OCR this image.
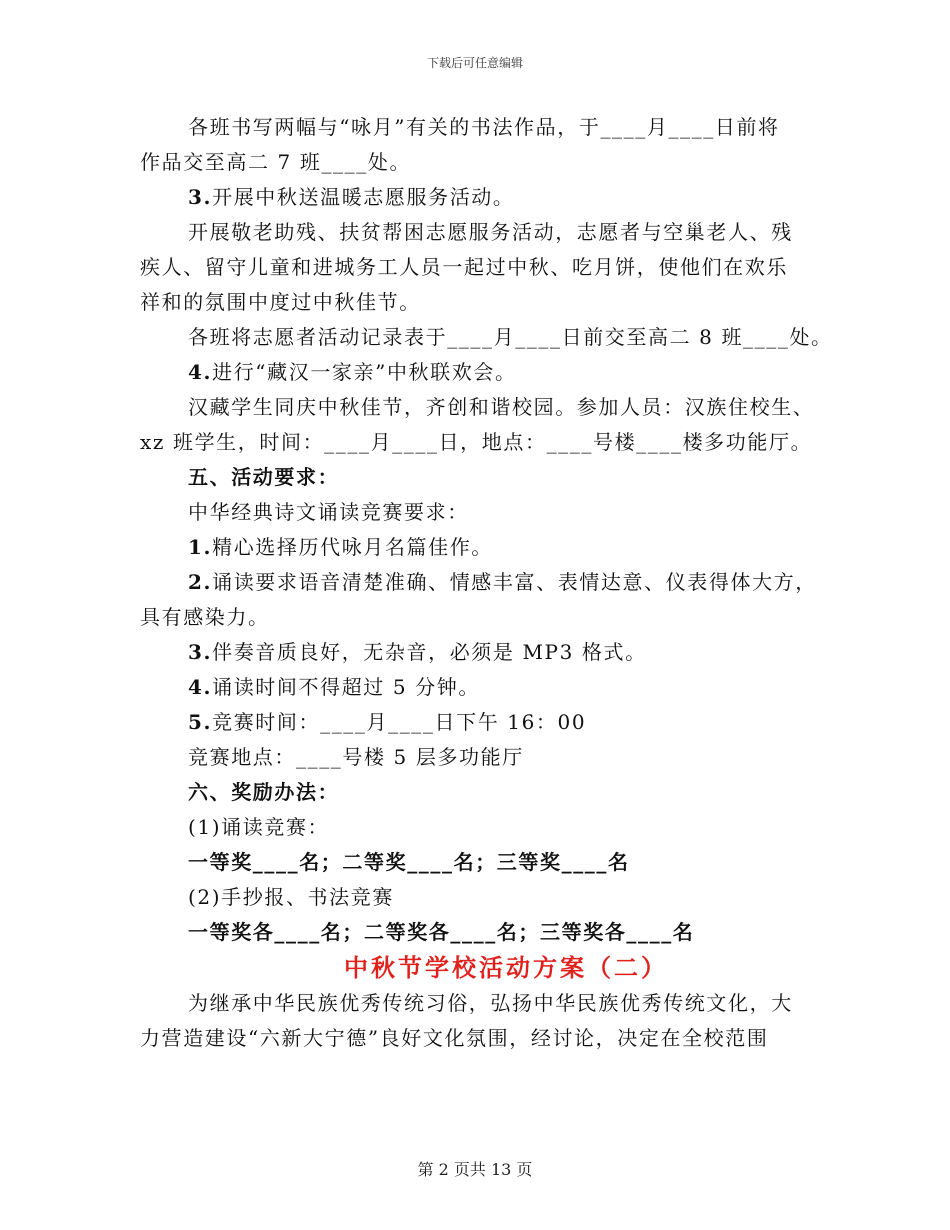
下载后可任意编辑
各班书写两幅与“咏月”有关的书法作品，于____月____日前将
作品交至高二 7 班____处。
3.开展中秋送温暖志愿服务活动。
开展敬老助残、扶贫帮困志愿服务活动，志愿者与空巢老人、残
疾人、留守儿童和进城务工人员一起过中秋、吃月饼，使他们在欢乐
祥和的氛围中度过中秋佳节。
各班将志愿者活动记录表于____月____日前交至高二 8 班____处。
4.进行“藏汉一家亲”中秋联欢会。
汉藏学生同庆中秋佳节，齐创和谐校园。参加人员：汉族住校生、
xz 班学生，时间：____月____日，地点：____号楼____楼多功能厅。
五、活动要求：
中华经典诗文诵读竞赛要求：
1.精心选择历代咏月名篇佳作。
2.诵读要求语音清楚准确、情感丰富、表情达意、仪表得体大方，
具有感染力。
3.伴奏音质良好，无杂音，必须是 MP3 格式。
4.诵读时间不得超过 5 分钟。
5.竞赛时间：____月____日下午 16：00
竞赛地点：____号楼 5 层多功能厅
六、奖励办法：
(1)诵读竞赛：
一等奖____名；二等奖____名；三等奖____名
(2)手抄报、书法竞赛
一等奖各____名；二等奖各____名；三等奖各____名
中秋节学校活动方案（二）
为继承中华民族优秀传统习俗，弘扬中华民族优秀传统文化，大
力营造建设“六新大宁德”良好文化氛围，经讨论，决定在全校范围
第 2 页共 13 页
